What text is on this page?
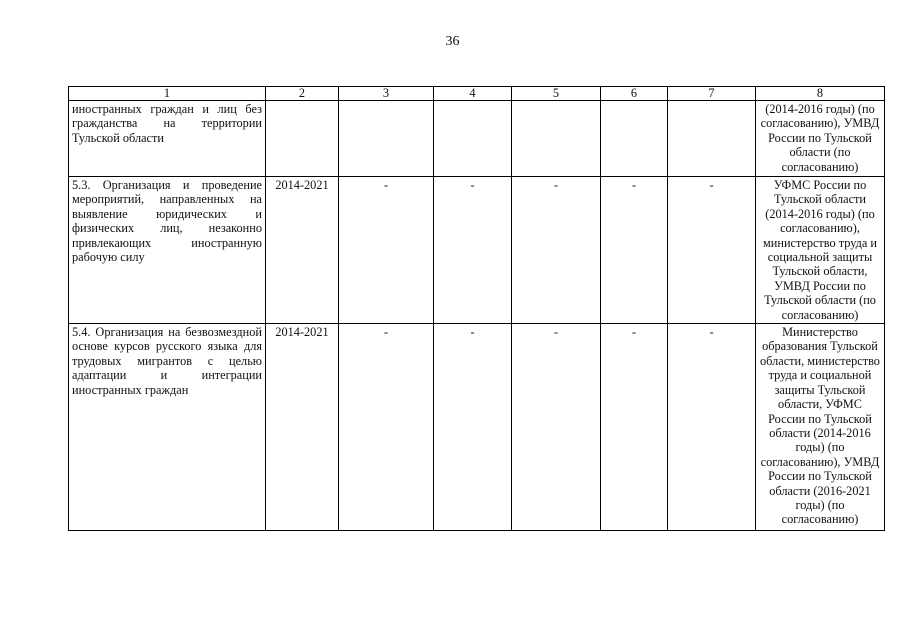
36
1	2	3	4	5	6	7	8
иностранных граждан и лиц без гражданства на территории Тульской области							(2014-2016 годы) (по согласованию), УМВД России по Тульской области (по согласованию)
5.3. Организация и проведение мероприятий, направленных на выявление юридических и физических лиц, незаконно привлекающих иностранную рабочую силу	2014-2021	-	-	-	-	-	УФМС России по Тульской области (2014-2016 годы) (по согласованию), министерство труда и социальной защиты Тульской области, УМВД России по Тульской области (по согласованию)
5.4. Организация на безвозмездной основе курсов русского языка для трудовых мигрантов с целью адаптации и интеграции иностранных граждан	2014-2021	-	-	-	-	-	Министерство образования Тульской области, министерство труда и социальной защиты Тульской области, УФМС России по Тульской области (2014-2016 годы) (по согласованию), УМВД России по Тульской области (2016-2021 годы) (по согласованию)
